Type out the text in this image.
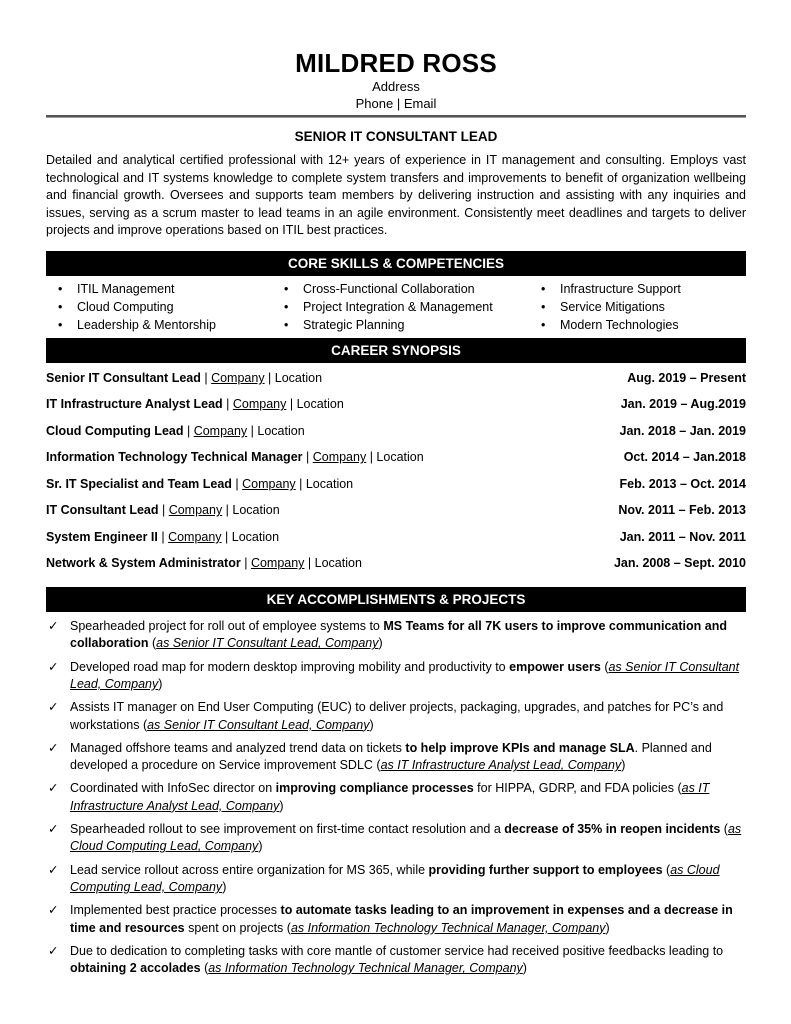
MILDRED ROSS
Address
Phone | Email
SENIOR IT CONSULTANT LEAD
Detailed and analytical certified professional with 12+ years of experience in IT management and consulting. Employs vast technological and IT systems knowledge to complete system transfers and improvements to benefit of organization wellbeing and financial growth. Oversees and supports team members by delivering instruction and assisting with any inquiries and issues, serving as a scrum master to lead teams in an agile environment. Consistently meet deadlines and targets to deliver projects and improve operations based on ITIL best practices.
CORE SKILLS & COMPETENCIES
• ITIL Management
• Cloud Computing
• Leadership & Mentorship
• Cross-Functional Collaboration
• Project Integration & Management
• Strategic Planning
• Infrastructure Support
• Service Mitigations
• Modern Technologies
CAREER SYNOPSIS
Senior IT Consultant Lead | Company | Location	Aug. 2019 – Present
IT Infrastructure Analyst Lead | Company | Location	Jan. 2019 – Aug.2019
Cloud Computing Lead | Company | Location	Jan. 2018 – Jan. 2019
Information Technology Technical Manager | Company | Location	Oct. 2014 – Jan.2018
Sr. IT Specialist and Team Lead | Company | Location	Feb. 2013 – Oct. 2014
IT Consultant Lead | Company | Location	Nov. 2011 – Feb. 2013
System Engineer II | Company | Location	Jan. 2011 – Nov. 2011
Network & System Administrator | Company | Location	Jan. 2008 – Sept. 2010
KEY ACCOMPLISHMENTS & PROJECTS
✓ Spearheaded project for roll out of employee systems to MS Teams for all 7K users to improve communication and collaboration (as Senior IT Consultant Lead, Company)
✓ Developed road map for modern desktop improving mobility and productivity to empower users (as Senior IT Consultant Lead, Company)
✓ Assists IT manager on End User Computing (EUC) to deliver projects, packaging, upgrades, and patches for PC’s and workstations (as Senior IT Consultant Lead, Company)
✓ Managed offshore teams and analyzed trend data on tickets to help improve KPIs and manage SLA. Planned and developed a procedure on Service improvement SDLC (as IT Infrastructure Analyst Lead, Company)
✓ Coordinated with InfoSec director on improving compliance processes for HIPPA, GDRP, and FDA policies (as IT Infrastructure Analyst Lead, Company)
✓ Spearheaded rollout to see improvement on first-time contact resolution and a decrease of 35% in reopen incidents (as Cloud Computing Lead, Company)
✓ Lead service rollout across entire organization for MS 365, while providing further support to employees (as Cloud Computing Lead, Company)
✓ Implemented best practice processes to automate tasks leading to an improvement in expenses and a decrease in time and resources spent on projects (as Information Technology Technical Manager, Company)
✓ Due to dedication to completing tasks with core mantle of customer service had received positive feedbacks leading to obtaining 2 accolades (as Information Technology Technical Manager, Company)
